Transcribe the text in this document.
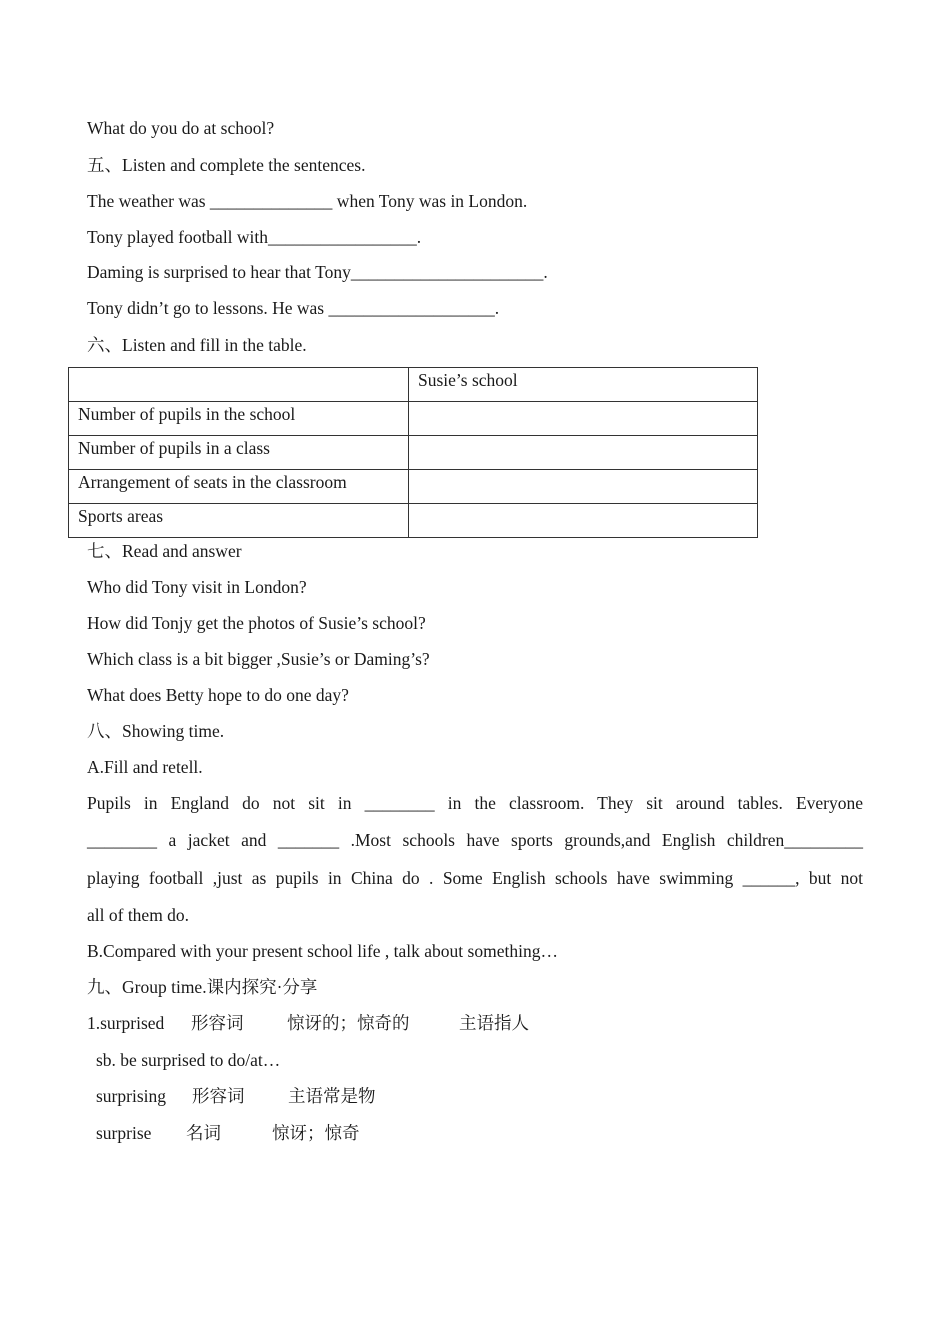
What do you do at school?
五、Listen and complete the sentences.
The weather was ______________ when Tony was in London.
Tony played football with_________________.
Daming is surprised to hear that Tony______________________.
Tony didn’t go to lessons. He was ___________________.
六、Listen and fill in the table.
	Susie’s school
Number of pupils in the school	
Number of pupils in a class	
Arrangement of seats in the classroom	
Sports areas	
七、Read and answer
Who did Tony visit in London?
How did Tonjy get the photos of Susie’s school?
Which class is a bit bigger ,Susie’s or Daming’s?
What does Betty hope to do one day?
八、Showing time.
A.Fill and retell.
Pupils in England do not sit in ________ in the classroom. They sit around tables. Everyone
________ a jacket and _______ .Most schools have sports grounds,and English children_________
playing football ,just as pupils in China do . Some English schools have swimming ______, but not
all of them do.
B.Compared with your present school life , talk about something…
九、Group time.课内探究·分享
1.surprised 形容词 惊讶的；惊奇的	主语指人
sb. be surprised to do/at…
surprising 形容词 主语常是物
surprise 名词	惊讶；惊奇
